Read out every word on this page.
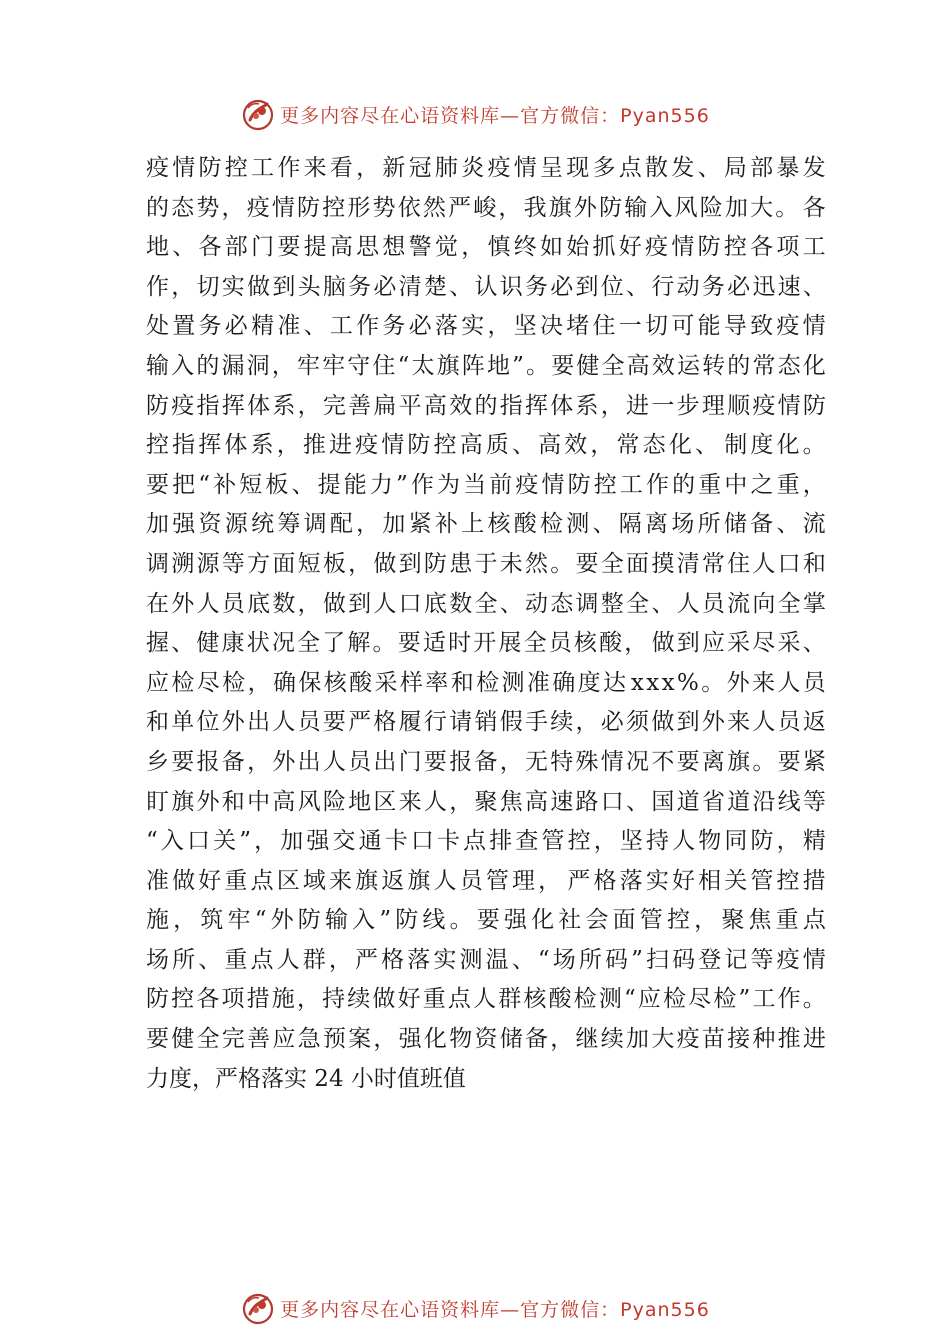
更多内容尽在心语资料库—官方微信：Pyan556
疫 情 防 控 工 作 来 看 ， 新 冠 肺 炎 疫 情 呈 现 多 点 散 发 、 局 部 暴 发
的 态 势 ， 疫 情 防 控 形 势 依 然 严 峻 ， 我 旗 外 防 输 入 风 险 加 大 。 各
地 、 各 部 门 要 提 高 思 想 警 觉 ， 慎 终 如 始 抓 好 疫 情 防 控 各 项 工
作 ， 切 实 做 到 头 脑 务 必 清 楚 、 认 识 务 必 到 位 、 行 动 务 必 迅 速 、
处 置 务 必 精 准 、 工 作 务 必 落 实 ， 坚 决 堵 住 一 切 可 能 导 致 疫 情
输 入 的 漏 洞 ， 牢 牢 守 住 “ 太 旗 阵 地 ” 。 要 健 全 高 效 运 转 的 常 态 化
防 疫 指 挥 体 系 ， 完 善 扁 平 高 效 的 指 挥 体 系 ， 进 一 步 理 顺 疫 情 防
控 指 挥 体 系 ， 推 进 疫 情 防 控 高 质 、 高 效 ， 常 态 化 、 制 度 化 。
要 把 “ 补 短 板 、 提 能 力 ” 作 为 当 前 疫 情 防 控 工 作 的 重 中 之 重 ，
加 强 资 源 统 筹 调 配 ， 加 紧 补 上 核 酸 检 测 、 隔 离 场 所 储 备 、 流
调 溯 源 等 方 面 短 板 ， 做 到 防 患 于 未 然 。 要 全 面 摸 清 常 住 人 口 和
在 外 人 员 底 数 ， 做 到 人 口 底 数 全 、 动 态 调 整 全 、 人 员 流 向 全 掌
握 、 健 康 状 况 全 了 解 。 要 适 时 开 展 全 员 核 酸 ， 做 到 应 采 尽 采 、
应 检 尽 检 ， 确 保 核 酸 采 样 率 和 检 测 准 确 度 达 x x x % 。 外 来 人 员
和 单 位 外 出 人 员 要 严 格 履 行 请 销 假 手 续 ， 必 须 做 到 外 来 人 员 返
乡 要 报 备 ， 外 出 人 员 出 门 要 报 备 ， 无 特 殊 情 况 不 要 离 旗 。 要 紧
盯 旗 外 和 中 高 风 险 地 区 来 人 ， 聚 焦 高 速 路 口 、 国 道 省 道 沿 线 等
“ 入 口 关 ” ， 加 强 交 通 卡 口 卡 点 排 查 管 控 ， 坚 持 人 物 同 防 ， 精
准 做 好 重 点 区 域 来 旗 返 旗 人 员 管 理 ， 严 格 落 实 好 相 关 管 控 措
施 ， 筑 牢 “ 外 防 输 入 ” 防 线 。 要 强 化 社 会 面 管 控 ， 聚 焦 重 点
场 所 、 重 点 人 群 ， 严 格 落 实 测 温 、 “ 场 所 码 ” 扫 码 登 记 等 疫 情
防 控 各 项 措 施 ， 持 续 做 好 重 点 人 群 核 酸 检 测 “ 应 检 尽 检 ” 工 作 。
要 健 全 完 善 应 急 预 案 ， 强 化 物 资 储 备 ， 继 续 加 大 疫 苗 接 种 推 进
力度，严格落实 24 小时值班值
更多内容尽在心语资料库—官方微信：Pyan556
